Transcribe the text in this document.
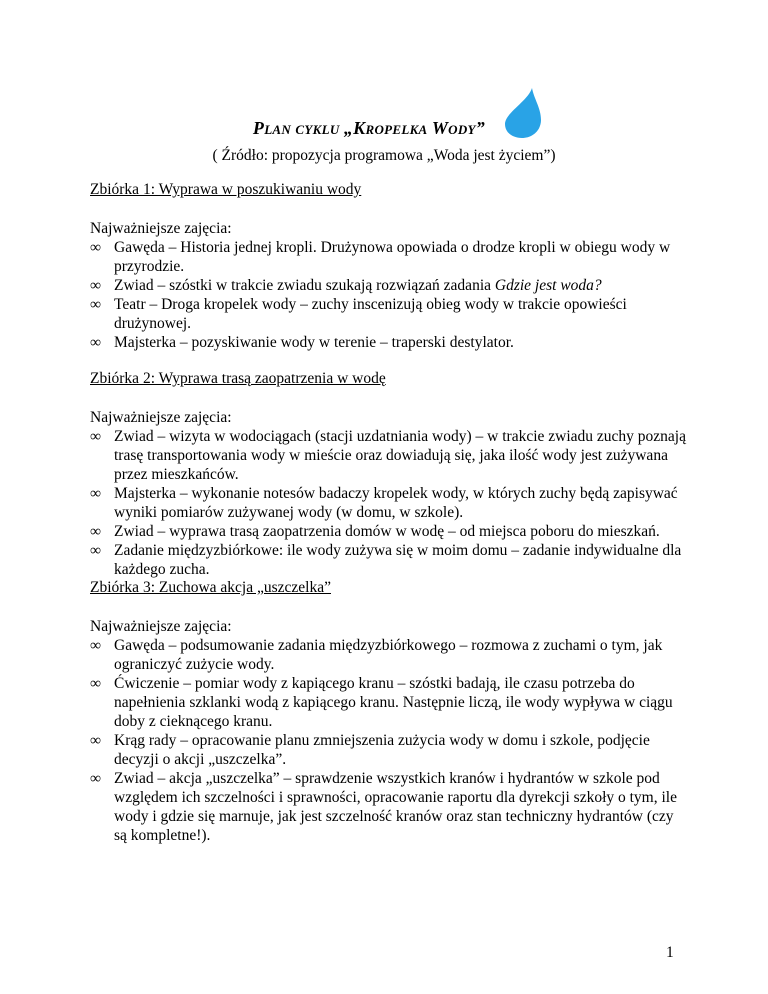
PLAN CYKLU „KROPELKA WODY”
( Źródło: propozycja programowa „Woda jest życiem”)
Zbiórka 1: Wyprawa w poszukiwaniu wody
Najważniejsze zajęcia:
∞ Gawęda – Historia jednej kropli. Drużynowa opowiada o drodze kropli w obiegu wody w przyrodzie.
∞ Zwiad – szóstki w trakcie zwiadu szukają rozwiązań zadania Gdzie jest woda?
∞ Teatr – Droga kropelek wody – zuchy inscenizują obieg wody w trakcie opowieści drużynowej.
∞ Majsterka – pozyskiwanie wody w terenie – traperski destylator.
Zbiórka 2: Wyprawa trasą zaopatrzenia w wodę
Najważniejsze zajęcia:
∞ Zwiad – wizyta w wodociągach (stacji uzdatniania wody) – w trakcie zwiadu zuchy poznają trasę transportowania wody w mieście oraz dowiadują się, jaka ilość wody jest zużywana przez mieszkańców.
∞ Majsterka – wykonanie notesów badaczy kropelek wody, w których zuchy będą zapisywać wyniki pomiarów zużywanej wody (w domu, w szkole).
∞ Zwiad – wyprawa trasą zaopatrzenia domów w wodę – od miejsca poboru do mieszkań.
∞ Zadanie międzyzbiórkowe: ile wody zużywa się w moim domu – zadanie indywidualne dla każdego zucha.
Zbiórka 3: Zuchowa akcja „uszczelka”
Najważniejsze zajęcia:
∞ Gawęda – podsumowanie zadania międzyzbiórkowego – rozmowa z zuchami o tym, jak ograniczyć zużycie wody.
∞ Ćwiczenie – pomiar wody z kapiącego kranu – szóstki badają, ile czasu potrzeba do napełnienia szklanki wodą z kapiącego kranu. Następnie liczą, ile wody wypływa w ciągu doby z cieknącego kranu.
∞ Krąg rady – opracowanie planu zmniejszenia zużycia wody w domu i szkole, podjęcie decyzji o akcji „uszczelka”.
∞ Zwiad – akcja „uszczelka” – sprawdzenie wszystkich kranów i hydrantów w szkole pod względem ich szczelności i sprawności, opracowanie raportu dla dyrekcji szkoły o tym, ile wody i gdzie się marnuje, jak jest szczelność kranów oraz stan techniczny hydrantów (czy są kompletne!).
1
